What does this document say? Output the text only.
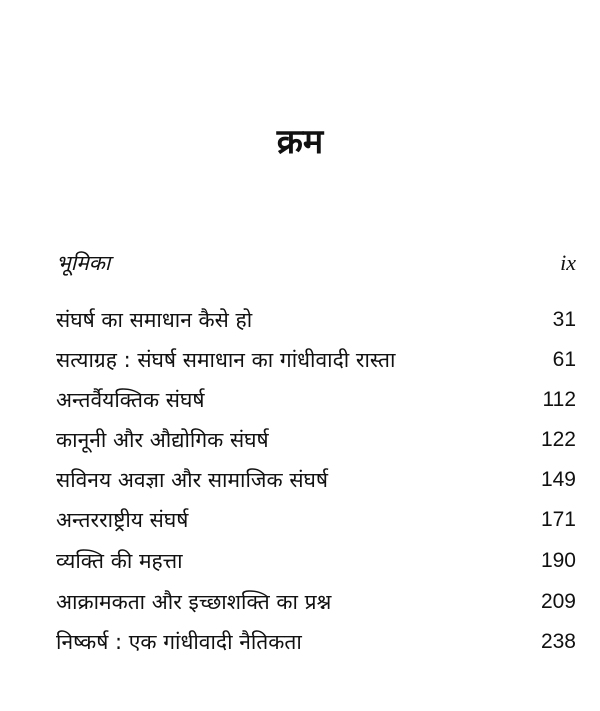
क्रम
भूमिका	ix
संघर्ष का समाधान कैसे हो	31
सत्याग्रह : संघर्ष समाधान का गांधीवादी रास्ता	61
अन्तर्वैयक्तिक संघर्ष	112
कानूनी और औद्योगिक संघर्ष	122
सविनय अवज्ञा और सामाजिक संघर्ष	149
अन्तरराष्ट्रीय संघर्ष	171
व्यक्ति की महत्ता	190
आक्रामकता और इच्छाशक्ति का प्रश्न	209
निष्कर्ष : एक गांधीवादी नैतिकता	238
